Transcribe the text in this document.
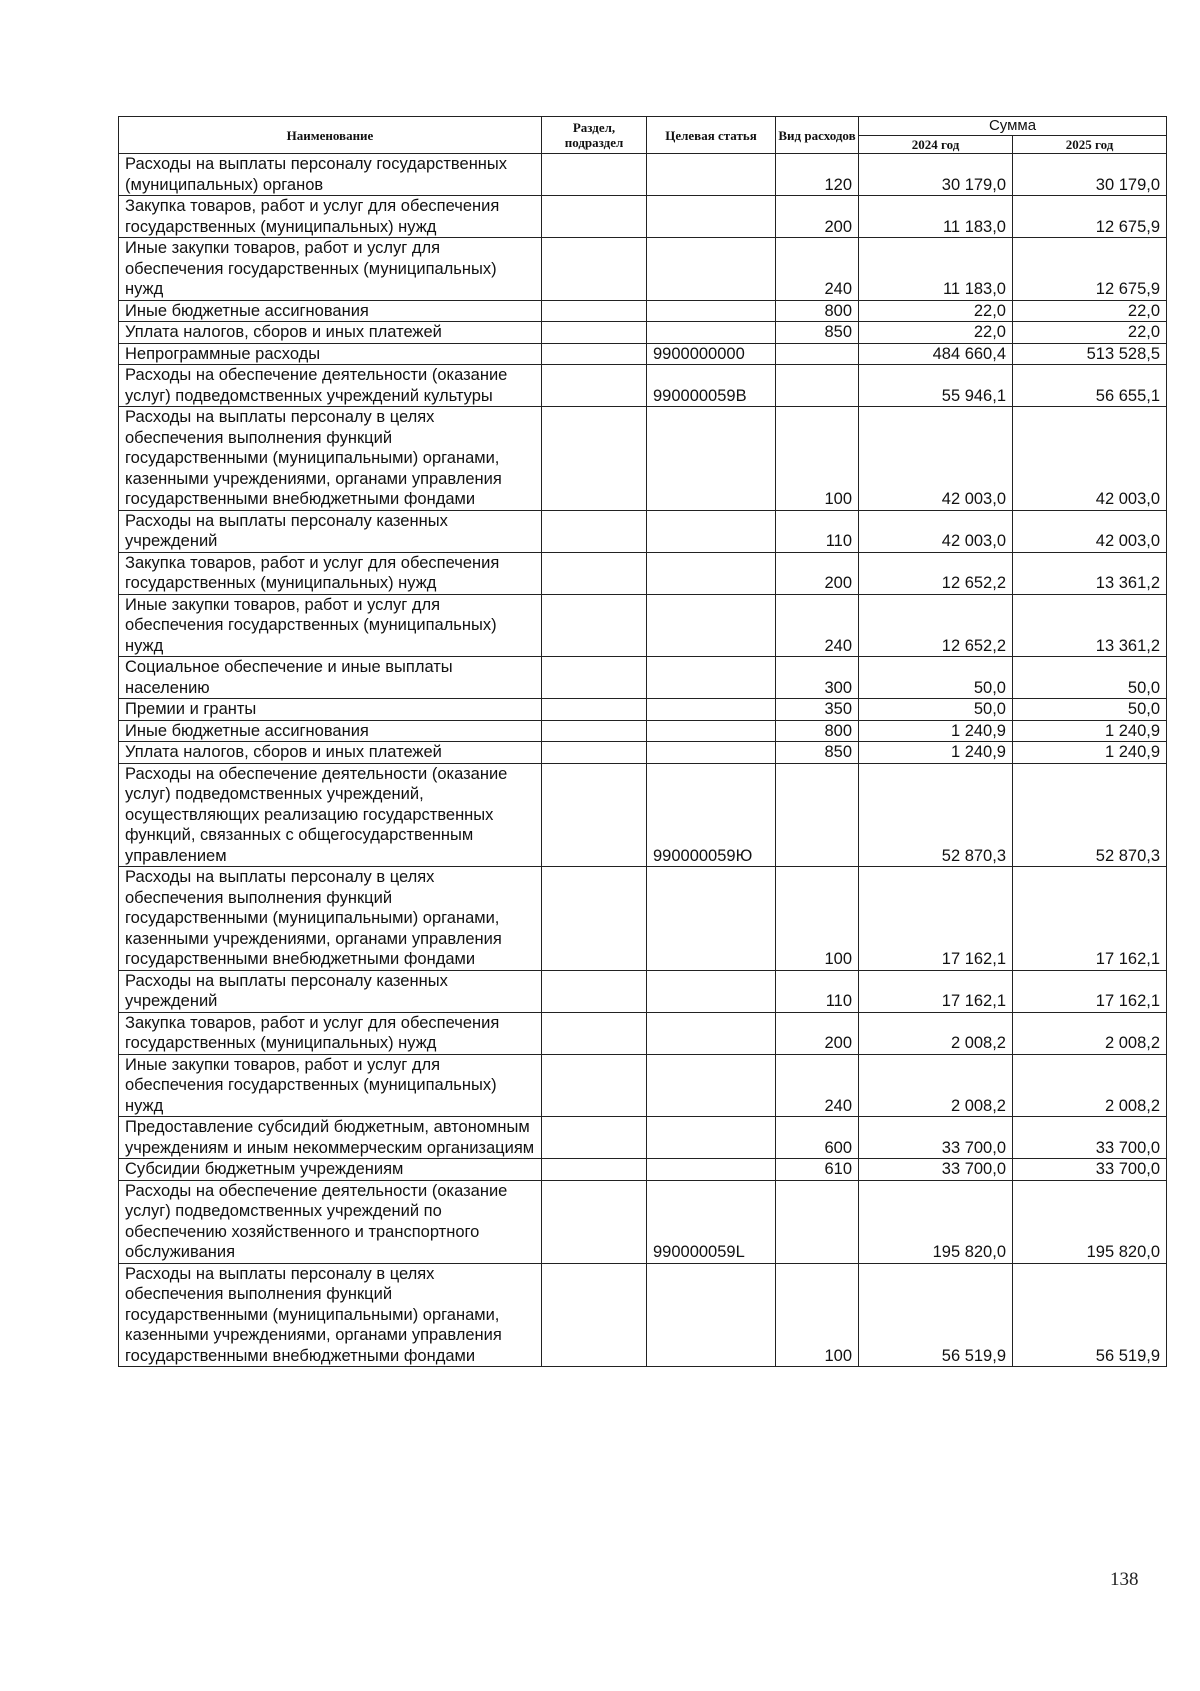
Наименование	Раздел, подраздел	Целевая статья	Вид расходов	Сумма	
				2024 год	2025 год
Расходы на выплаты персоналу государственных (муниципальных) органов			120	30 179,0	30 179,0
Закупка товаров, работ и услуг для обеспечения государственных (муниципальных) нужд			200	11 183,0	12 675,9
Иные закупки товаров, работ и услуг для обеспечения государственных (муниципальных) нужд			240	11 183,0	12 675,9
Иные бюджетные ассигнования			800	22,0	22,0
Уплата налогов, сборов и иных платежей			850	22,0	22,0
Непрограммные расходы		9900000000		484 660,4	513 528,5
Расходы на обеспечение деятельности (оказание услуг) подведомственных учреждений культуры		990000059В		55 946,1	56 655,1
Расходы на выплаты персоналу в целях обеспечения выполнения функций государственными (муниципальными) органами, казенными учреждениями, органами управления государственными внебюджетными фондами			100	42 003,0	42 003,0
Расходы на выплаты персоналу казенных учреждений			110	42 003,0	42 003,0
Закупка товаров, работ и услуг для обеспечения государственных (муниципальных) нужд			200	12 652,2	13 361,2
Иные закупки товаров, работ и услуг для обеспечения государственных (муниципальных) нужд			240	12 652,2	13 361,2
Социальное обеспечение и иные выплаты населению			300	50,0	50,0
Премии и гранты			350	50,0	50,0
Иные бюджетные ассигнования			800	1 240,9	1 240,9
Уплата налогов, сборов и иных платежей			850	1 240,9	1 240,9
Расходы на обеспечение деятельности (оказание услуг) подведомственных учреждений, осуществляющих реализацию государственных функций, связанных с общегосударственным управлением		990000059Ю		52 870,3	52 870,3
Расходы на выплаты персоналу в целях обеспечения выполнения функций государственными (муниципальными) органами, казенными учреждениями, органами управления государственными внебюджетными фондами			100	17 162,1	17 162,1
Расходы на выплаты персоналу казенных учреждений			110	17 162,1	17 162,1
Закупка товаров, работ и услуг для обеспечения государственных (муниципальных) нужд			200	2 008,2	2 008,2
Иные закупки товаров, работ и услуг для обеспечения государственных (муниципальных) нужд			240	2 008,2	2 008,2
Предоставление субсидий бюджетным, автономным учреждениям и иным некоммерческим организациям			600	33 700,0	33 700,0
Субсидии бюджетным учреждениям			610	33 700,0	33 700,0
Расходы на обеспечение деятельности (оказание услуг) подведомственных учреждений по обеспечению хозяйственного и транспортного обслуживания		990000059L		195 820,0	195 820,0
Расходы на выплаты персоналу в целях обеспечения выполнения функций государственными (муниципальными) органами, казенными учреждениями, органами управления государственными внебюджетными фондами			100	56 519,9	56 519,9
138
